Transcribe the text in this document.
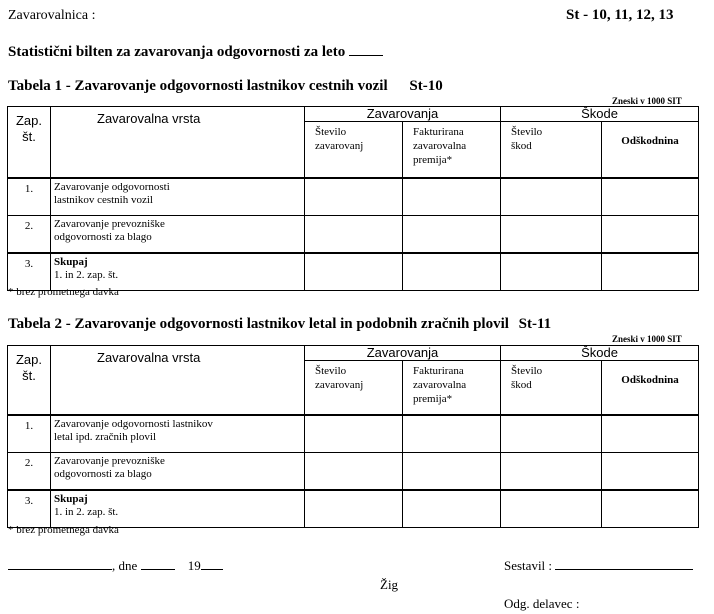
Zavarovalnica :	St - 10, 11, 12, 13
Statistični bilten za zavarovanja odgovornosti za leto
Tabela 1 - Zavarovanje odgovornosti lastnikov cestnih vozil St-10
Zneski v 1000 SIT
Zap. št.	Zavarovalna vrsta	Zavarovanja		Škode	
		Število zavarovanj	Fakturirana zavarovalna premija*	Število škod	Odškodnina
1.	Zavarovanje odgovornosti
lastnikov cestnih vozil				
2.	Zavarovanje prevozniške
odgovornosti za blago				
3.	Skupaj
1. in 2. zap. št.				
* brez prometnega davka
Tabela 2 - Zavarovanje odgovornosti lastnikov letal in podobnih zračnih plovil St-11
Zneski v 1000 SIT
Zap. št.	Zavarovalna vrsta	Zavarovanja		Škode	
		Število zavarovanj	Fakturirana zavarovalna premija*	Število škod	Odškodnina
1.	Zavarovanje odgovornosti lastnikov
letal ipd. zračnih plovil				
2.	Zavarovanje prevozniške
odgovornosti za blago				
3.	Skupaj
1. in 2. zap. št.				
* brez prometnega davka
, dne	19	Sestavil :
Žig
Odg. delavec :
